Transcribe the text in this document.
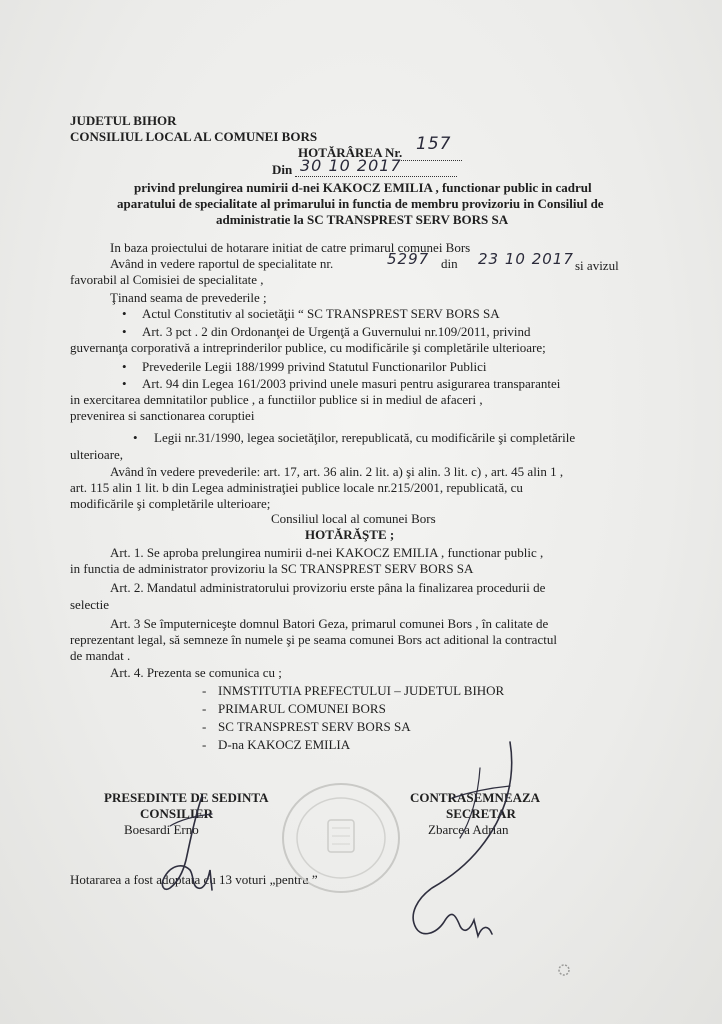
JUDETUL BIHOR
CONSILIUL LOCAL AL COMUNEI BORS
HOTĂRÂREA Nr. 157
Din 30 10 2017
privind prelungirea numirii d-nei KAKOCZ EMILIA , functionar public in cadrul
aparatului de specialitate al primarului in functia de membru provizoriu in Consiliul de
administratie la SC TRANSPREST SERV BORS SA
In baza proiectului de hotarare initiat de catre primarul comunei Bors
Având in vedere raportul de specialitate nr.	5297 din 23 10 2017 si avizul
favorabil al Comisiei de specialitate ,
Ţinand seama de prevederile ;
• Actul Constitutiv al societăţii “ SC TRANSPREST SERV BORS SA
• Art. 3 pct . 2 din Ordonanţei de Urgenţă a Guvernului nr.109/2011, privind
guvernanţa corporativă a intreprinderilor publice, cu modificările şi completările ulterioare;
• Prevederile Legii 188/1999 privind Statutul Functionarilor Publici
• Art. 94 din Legea 161/2003 privind unele masuri pentru asigurarea transparantei
in exercitarea demnitatilor publice , a functiilor publice si in mediul de afaceri ,
prevenirea si sanctionarea coruptiei
• Legii nr.31/1990, legea societăţilor, rerepublicată, cu modificările şi completările
ulterioare,
Având în vedere prevederile: art. 17, art. 36 alin. 2 lit. a) şi alin. 3 lit. c) , art. 45 alin 1 ,
art. 115 alin 1 lit. b din Legea administraţiei publice locale nr.215/2001, republicată, cu
modificările şi completările ulterioare;
Consiliul local al comunei Bors
HOTĂRĂŞTE ;
Art. 1. Se aproba prelungirea numirii d-nei KAKOCZ EMILIA , functionar public ,
in functia de administrator provizoriu la SC TRANSPREST SERV BORS SA
Art. 2. Mandatul administratorului provizoriu erste pâna la finalizarea procedurii de
selectie
Art. 3 Se împuterniceşte domnul Batori Geza, primarul comunei Bors , în calitate de
reprezentant legal, să semneze în numele şi pe seama comunei Bors act aditional la contractul
de mandat .
Art. 4. Prezenta se comunica cu ;
- INMSTITUTIA PREFECTULUI – JUDETUL BIHOR
- PRIMARUL COMUNEI BORS
- SC TRANSPREST SERV BORS SA
- D-na KAKOCZ EMILIA
PRESEDINTE DE SEDINTA
CONSILIER
Boesardi Erno
CONTRASEMNEAZA
SECRETAR
Zbarcea Adrian
Hotararea a fost adoptata cu 13 voturi „pentru ”
